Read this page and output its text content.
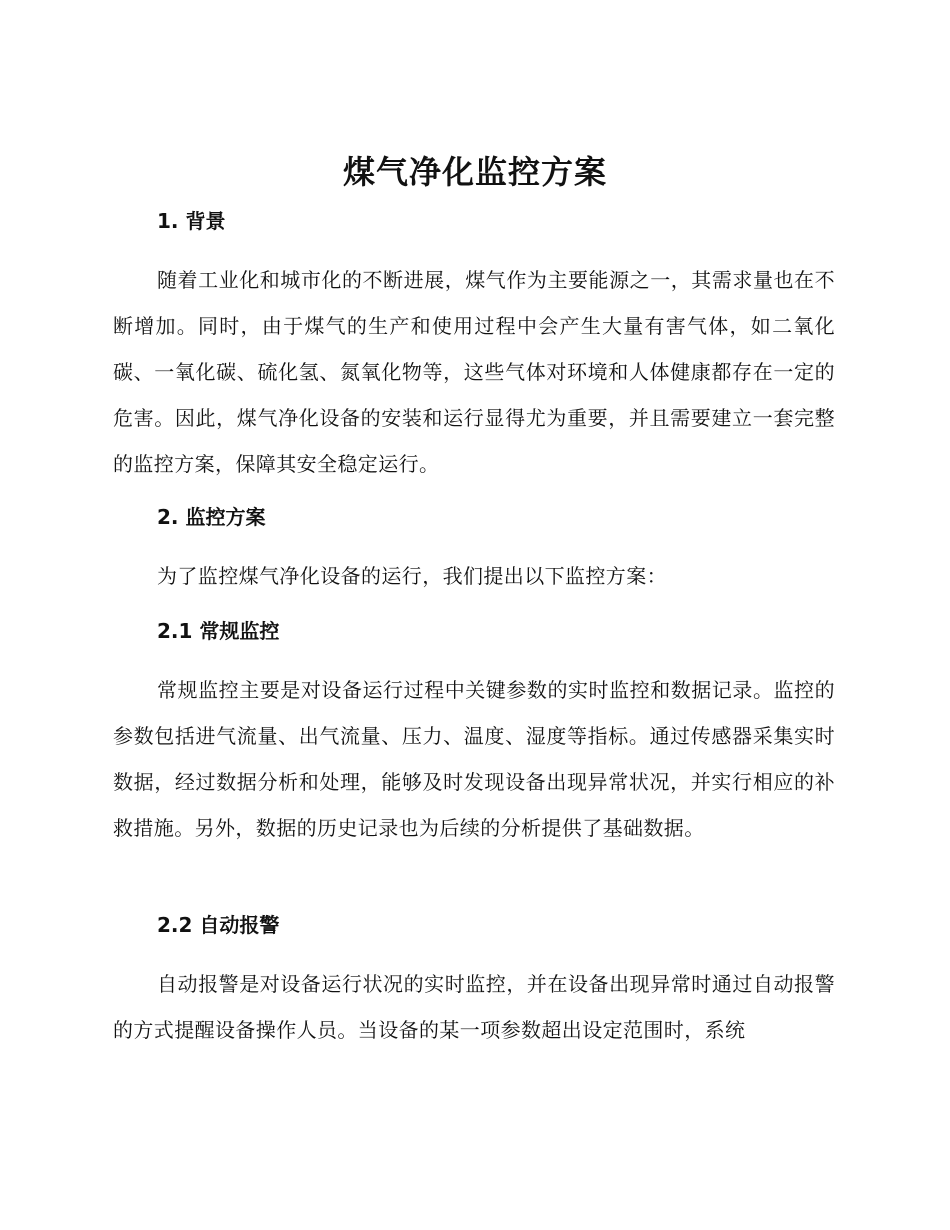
煤气净化监控方案
1. 背景
随着工业化和城市化的不断进展，煤气作为主要能源之一，其需求量也在不断增加。同时，由于煤气的生产和使用过程中会产生大量有害气体，如二氧化碳、一氧化碳、硫化氢、氮氧化物等，这些气体对环境和人体健康都存在一定的危害。因此，煤气净化设备的安装和运行显得尤为重要，并且需要建立一套完整的监控方案，保障其安全稳定运行。
2. 监控方案
为了监控煤气净化设备的运行，我们提出以下监控方案：
2.1 常规监控
常规监控主要是对设备运行过程中关键参数的实时监控和数据记录。监控的参数包括进气流量、出气流量、压力、温度、湿度等指标。通过传感器采集实时数据，经过数据分析和处理，能够及时发现设备出现异常状况，并实行相应的补救措施。另外，数据的历史记录也为后续的分析提供了基础数据。
2.2 自动报警
自动报警是对设备运行状况的实时监控，并在设备出现异常时通过自动报警的方式提醒设备操作人员。当设备的某一项参数超出设定范围时，系统
